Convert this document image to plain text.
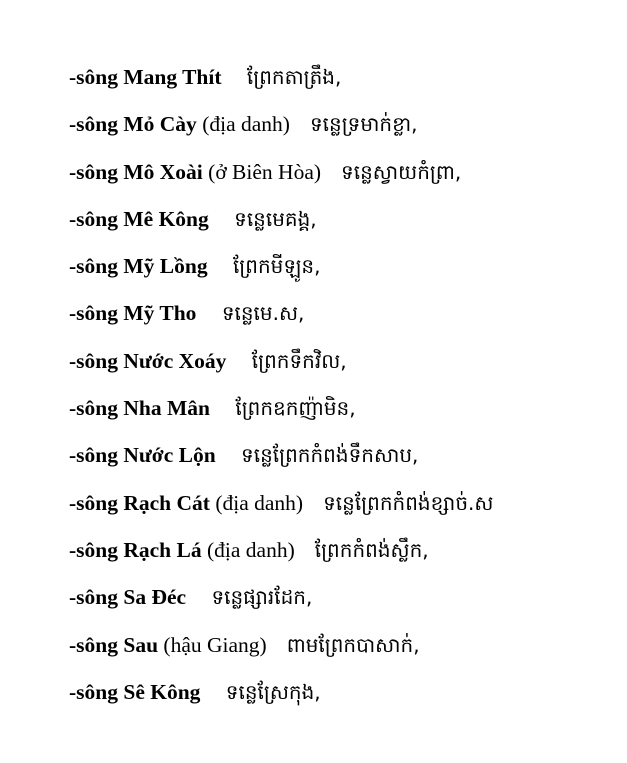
-sông Mang Thít ព្រែកតាត្រឹង,
-sông Mỏ Cày (địa danh) ទន្លេទ្រមាក់ខ្លា,
-sông Mô Xoài (ở Biên Hòa) ទន្លេស្វាយកំព្រា,
-sông Mê Kông ទន្លេមេគង្គ,
-sông Mỹ Lồng ព្រែកមីឡូន,
-sông Mỹ Tho ទន្លេមេ.ស,
-sông Nước Xoáy ព្រែកទឹកវិល,
-sông Nha Mân ព្រែកឧកញ៉ាមិន,
-sông Nước Lộn ទន្លេព្រែកកំពង់ទឹកសាប,
-sông Rạch Cát (địa danh) ទន្លេព្រែកកំពង់ខ្សាច់.ស
-sông Rạch Lá (địa danh) ព្រែកកំពង់ស្លឹក,
-sông Sa Đéc ទន្លេផ្សារដែក,
-sông Sau (hậu Giang) ពាមព្រែកបាសាក់,
-sông Sê Kông ទន្លេស្រែកុង,
